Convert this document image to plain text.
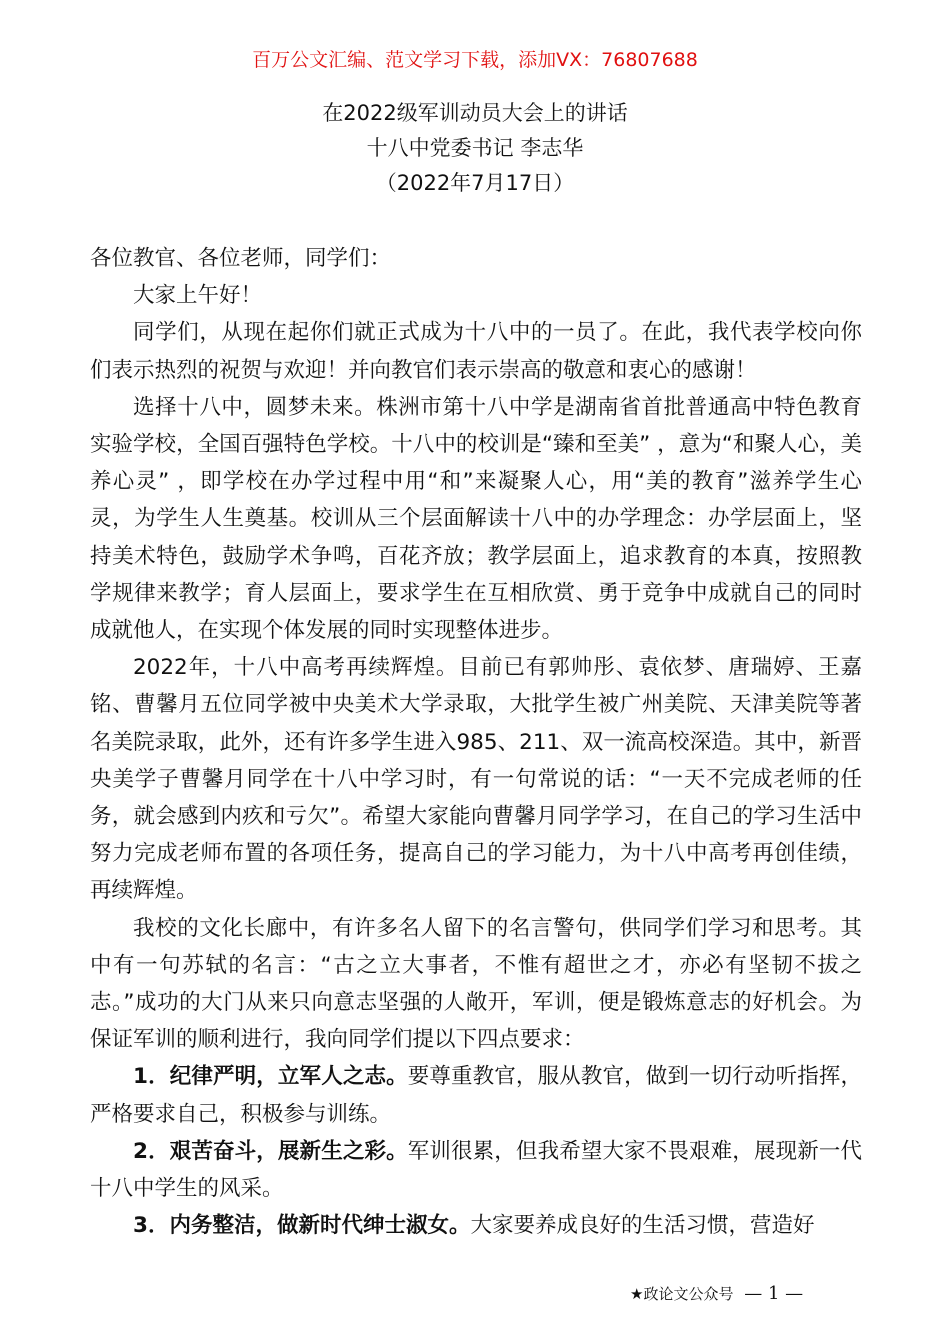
百万公文汇编、范文学习下载，添加VX：76807688
在2022级军训动员大会上的讲话
十八中党委书记 李志华
（2022年7月17日）

各位教官、各位老师，同学们：

大家上午好！

同学们，从现在起你们就正式成为十八中的一员了。在此，我代表学校向你们表示热烈的祝贺与欢迎！并向教官们表示崇高的敬意和衷心的感谢！

选择十八中，圆梦未来。株洲市第十八中学是湖南省首批普通高中特色教育实验学校，全国百强特色学校。十八中的校训是“臻和至美” ，意为“和聚人心，美养心灵” ，即学校在办学过程中用“和”来凝聚人心，用“美的教育”滋养学生心灵，为学生人生奠基。校训从三个层面解读十八中的办学理念：办学层面上，坚持美术特色，鼓励学术争鸣，百花齐放；教学层面上，追求教育的本真，按照教学规律来教学；育人层面上，要求学生在互相欣赏、勇于竞争中成就自己的同时成就他人，在实现个体发展的同时实现整体进步。

2022年，十八中高考再续辉煌。目前已有郭帅彤、袁依梦、唐瑞婷、王嘉铭、曹馨月五位同学被中央美术大学录取，大批学生被广州美院、天津美院等著名美院录取，此外，还有许多学生进入985、211、双一流高校深造。其中，新晋央美学子曹馨月同学在十八中学习时，有一句常说的话：“一天不完成老师的任务，就会感到内疚和亏欠”。希望大家能向曹馨月同学学习，在自己的学习生活中努力完成老师布置的各项任务，提高自己的学习能力，为十八中高考再创佳绩，再续辉煌。

我校的文化长廊中，有许多名人留下的名言警句，供同学们学习和思考。其中有一句苏轼的名言：“古之立大事者，不惟有超世之才，亦必有坚韧不拔之志。”成功的大门从来只向意志坚强的人敞开，军训，便是锻炼意志的好机会。为保证军训的顺利进行，我向同学们提以下四点要求：

1．纪律严明，立军人之志。要尊重教官，服从教官，做到一切行动听指挥，严格要求自己，积极参与训练。

2．艰苦奋斗，展新生之彩。军训很累，但我希望大家不畏艰难，展现新一代十八中学生的风采。

3．内务整洁，做新时代绅士淑女。大家要养成良好的生活习惯，营造好

★政论文公众号 — 1 —
